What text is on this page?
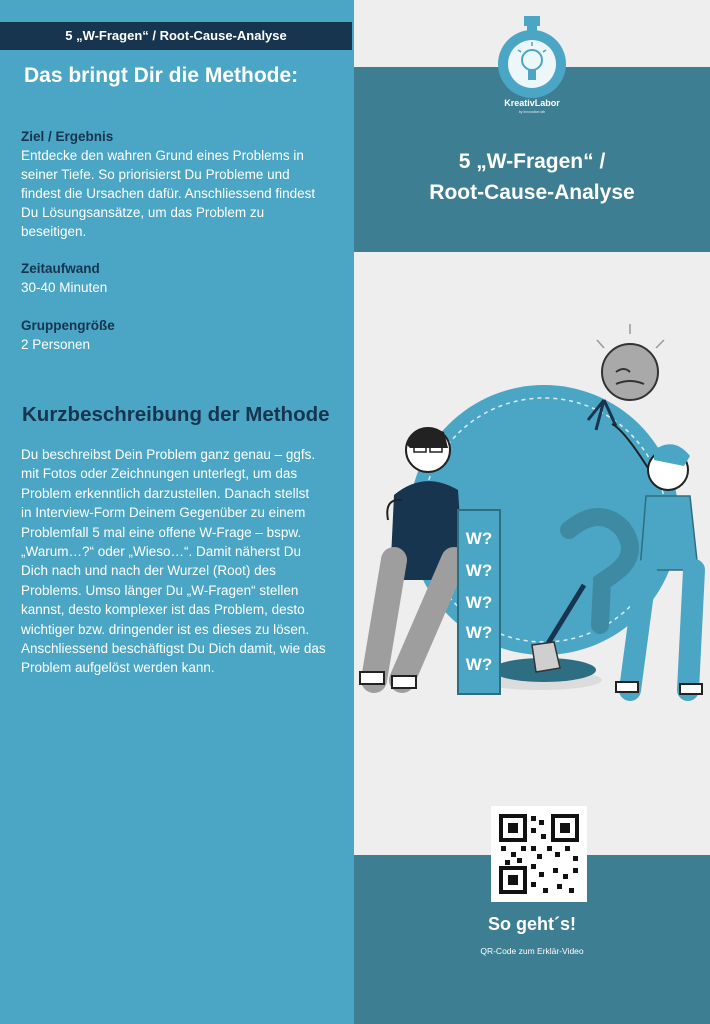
5 „W-Fragen“ / Root-Cause-Analyse
Das bringt Dir die Methode:
Ziel / Ergebnis
Entdecke den wahren Grund eines Problems in
seiner Tiefe. So priorisierst Du Probleme und
findest die Ursachen dafür. Anschliessend findest
Du Lösungsansätze, um das Problem zu
beseitigen.
Zeitaufwand
30-40 Minuten
Gruppengröße
2 Personen
Kurzbeschreibung der Methode
Du beschreibst Dein Problem ganz genau – ggfs.
mit Fotos oder Zeichnungen unterlegt, um das
Problem erkenntlich darzustellen. Danach stellst
in Interview-Form Deinem Gegenüber zu einem
Problemfall 5 mal eine offene W-Frage – bspw.
„Warum…?“ oder „Wieso…“. Damit näherst Du
Dich nach und nach der Wurzel (Root) des
Problems. Umso länger Du „W-Fragen“ stellen
kannst, desto komplexer ist das Problem, desto
wichtiger bzw. dringender ist es dieses zu lösen.
Anschliessend beschäftigst Du Dich damit, wie das
Problem aufgelöst werden kann.
KreativLabor
by innovation lab
5 „W-Fragen“ /
Root-Cause-Analyse
W?
W?
W?
W?
W?
So geht´s!
QR-Code zum Erklär-Video
